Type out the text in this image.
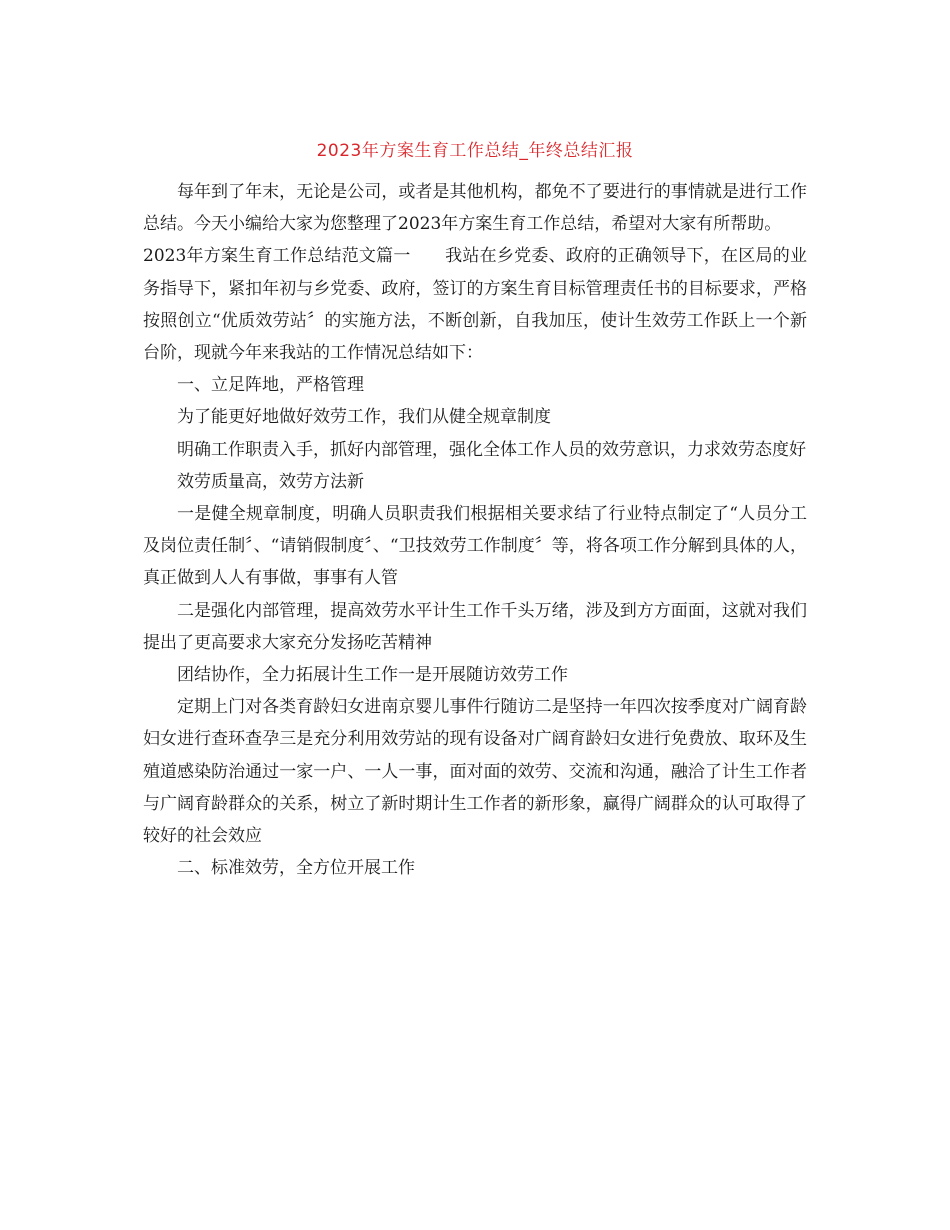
2023年方案生育工作总结_年终总结汇报

每年到了年末，无论是公司，或者是其他机构，都免不了要进行的事情就是进行工作总结。今天小编给大家为您整理了2023年方案生育工作总结，希望对大家有所帮助。

2023年方案生育工作总结范文篇一　　我站在乡党委、政府的正确领导下，在区局的业务指导下，紧扣年初与乡党委、政府，签订的方案生育目标管理责任书的目标要求，严格按照创立“优质效劳站〞的实施方法，不断创新，自我加压，使计生效劳工作跃上一个新台阶，现就今年来我站的工作情况总结如下：

一、立足阵地，严格管理

为了能更好地做好效劳工作，我们从健全规章制度

明确工作职责入手，抓好内部管理，强化全体工作人员的效劳意识，力求效劳态度好

效劳质量高，效劳方法新

一是健全规章制度，明确人员职责我们根据相关要求结了行业特点制定了“人员分工及岗位责任制〞、“请销假制度〞、“卫技效劳工作制度〞等，将各项工作分解到具体的人，真正做到人人有事做，事事有人管

二是强化内部管理，提高效劳水平计生工作千头万绪，涉及到方方面面，这就对我们提出了更高要求大家充分发扬吃苦精神

团结协作，全力拓展计生工作一是开展随访效劳工作

定期上门对各类育龄妇女进南京婴儿事件行随访二是坚持一年四次按季度对广阔育龄妇女进行查环查孕三是充分利用效劳站的现有设备对广阔育龄妇女进行免费放、取环及生殖道感染防治通过一家一户、一人一事，面对面的效劳、交流和沟通，融洽了计生工作者与广阔育龄群众的关系，树立了新时期计生工作者的新形象，赢得广阔群众的认可取得了较好的社会效应

二、标准效劳，全方位开展工作
